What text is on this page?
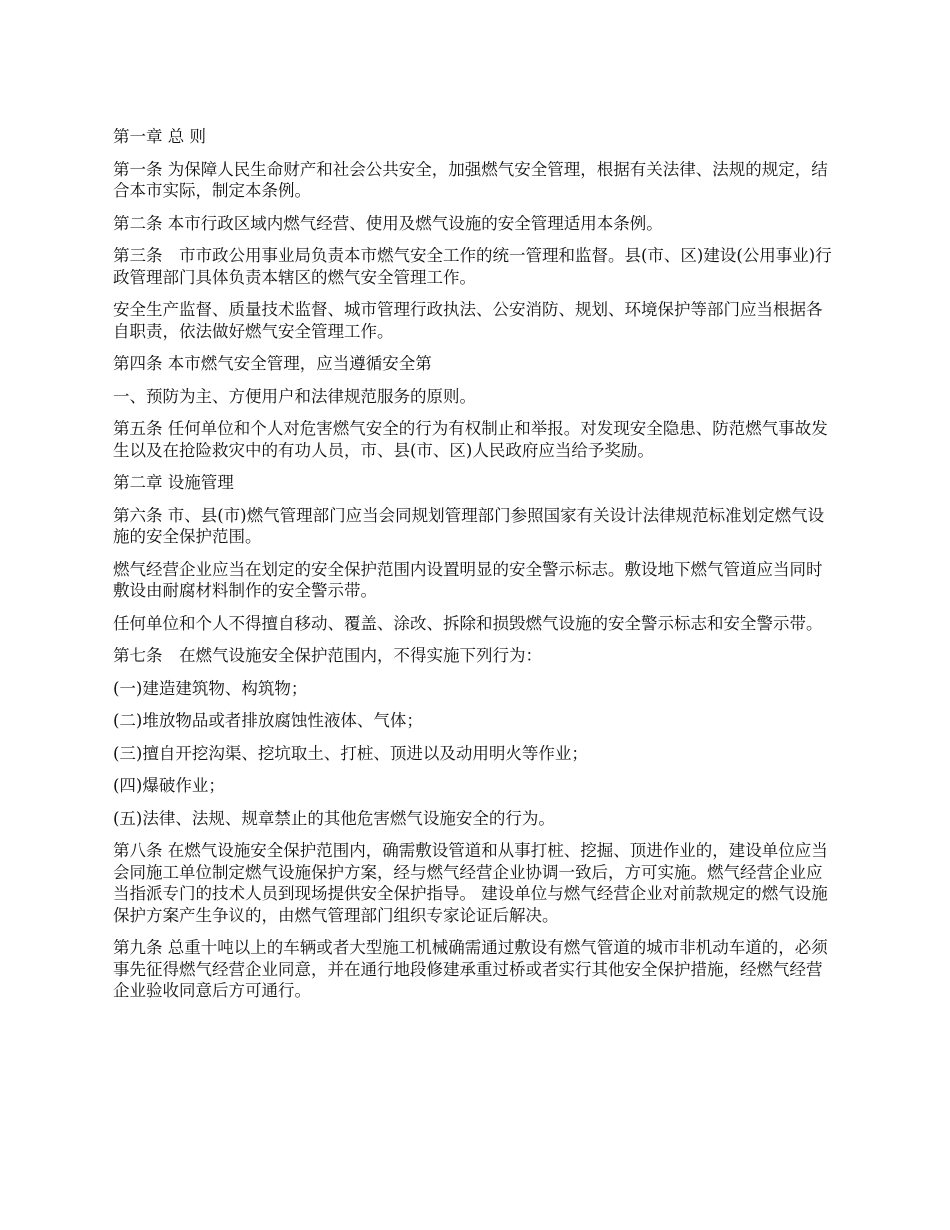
第一章 总 则

第一条 为保障人民生命财产和社会公共安全，加强燃气安全管理，根据有关法律、法规的规定，结合本市实际，制定本条例。

第二条 本市行政区域内燃气经营、使用及燃气设施的安全管理适用本条例。

第三条　市市政公用事业局负责本市燃气安全工作的统一管理和监督。县(市、区)建设(公用事业)行政管理部门具体负责本辖区的燃气安全管理工作。

安全生产监督、质量技术监督、城市管理行政执法、公安消防、规划、环境保护等部门应当根据各自职责，依法做好燃气安全管理工作。

第四条 本市燃气安全管理，应当遵循安全第

一、预防为主、方便用户和法律规范服务的原则。

第五条 任何单位和个人对危害燃气安全的行为有权制止和举报。对发现安全隐患、防范燃气事故发生以及在抢险救灾中的有功人员，市、县(市、区)人民政府应当给予奖励。

第二章 设施管理

第六条 市、县(市)燃气管理部门应当会同规划管理部门参照国家有关设计法律规范标准划定燃气设施的安全保护范围。

燃气经营企业应当在划定的安全保护范围内设置明显的安全警示标志。敷设地下燃气管道应当同时敷设由耐腐材料制作的安全警示带。

任何单位和个人不得擅自移动、覆盖、涂改、拆除和损毁燃气设施的安全警示标志和安全警示带。

第七条　在燃气设施安全保护范围内，不得实施下列行为：

(一)建造建筑物、构筑物；

(二)堆放物品或者排放腐蚀性液体、气体；

(三)擅自开挖沟渠、挖坑取土、打桩、顶进以及动用明火等作业；

(四)爆破作业；

(五)法律、法规、规章禁止的其他危害燃气设施安全的行为。

第八条 在燃气设施安全保护范围内，确需敷设管道和从事打桩、挖掘、顶进作业的，建设单位应当会同施工单位制定燃气设施保护方案，经与燃气经营企业协调一致后，方可实施。燃气经营企业应当指派专门的技术人员到现场提供安全保护指导。 建设单位与燃气经营企业对前款规定的燃气设施保护方案产生争议的，由燃气管理部门组织专家论证后解决。

第九条 总重十吨以上的车辆或者大型施工机械确需通过敷设有燃气管道的城市非机动车道的，必须事先征得燃气经营企业同意，并在通行地段修建承重过桥或者实行其他安全保护措施，经燃气经营企业验收同意后方可通行。
